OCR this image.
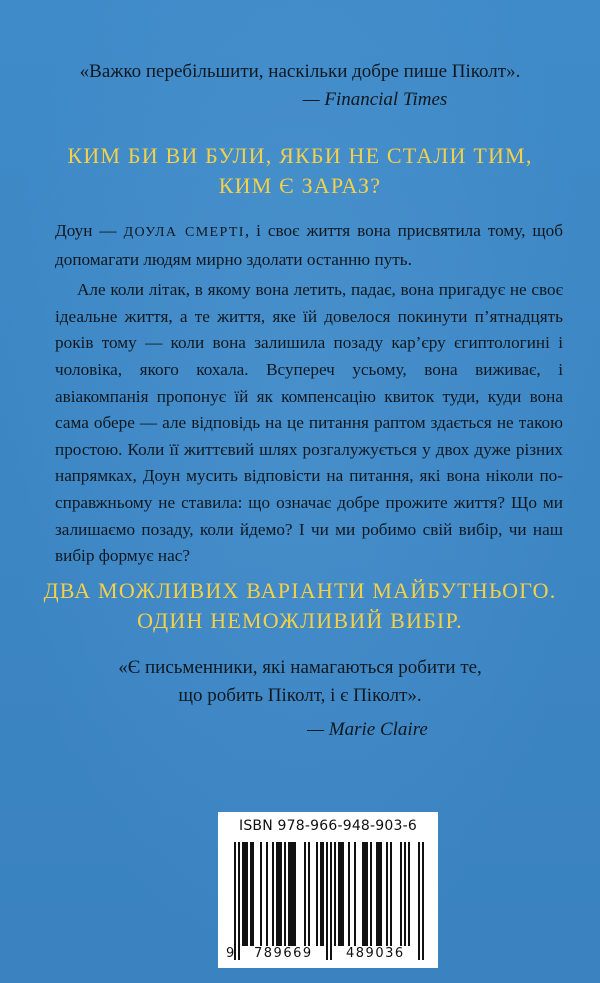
«Важко перебільшити, наскільки добре пише Піколт».
— Financial Times
КИМ БИ ВИ БУЛИ, ЯКБИ НЕ СТАЛИ ТИМ,
КИМ Є ЗАРАЗ?

Доун — ДОУЛА СМЕРТІ, і своє життя вона присвятила тому, щоб допомагати людям мирно здолати останню путь.

Але коли літак, в якому вона летить, падає, вона пригадує не своє ідеальне життя, а те життя, яке їй довелося покинути п’ятнадцять років тому — коли вона залишила позаду кар’єру єгиптологині і чоловіка, якого кохала. Всупереч усьому, вона виживає, і авіакомпанія пропонує їй як компенсацію квиток туди, куди вона сама обере — але відповідь на це питання раптом здається не такою простою. Коли її життєвий шлях розгалужується у двох дуже різних напрямках, Доун мусить відповісти на питання, які вона ніколи по-справжньому не ставила: що означає добре прожите життя? Що ми залишаємо позаду, коли йдемо? І чи ми робимо свій вибір, чи наш вибір формує нас?

ДВА МОЖЛИВИХ ВАРІАНТИ МАЙБУТНЬОГО.
ОДИН НЕМОЖЛИВИЙ ВИБІР.
«Є письменники, які намагаються робити те,
що робить Піколт, і є Піколт».
— Marie Claire
ISBN 978-966-948-903-6
9 789669	489036
